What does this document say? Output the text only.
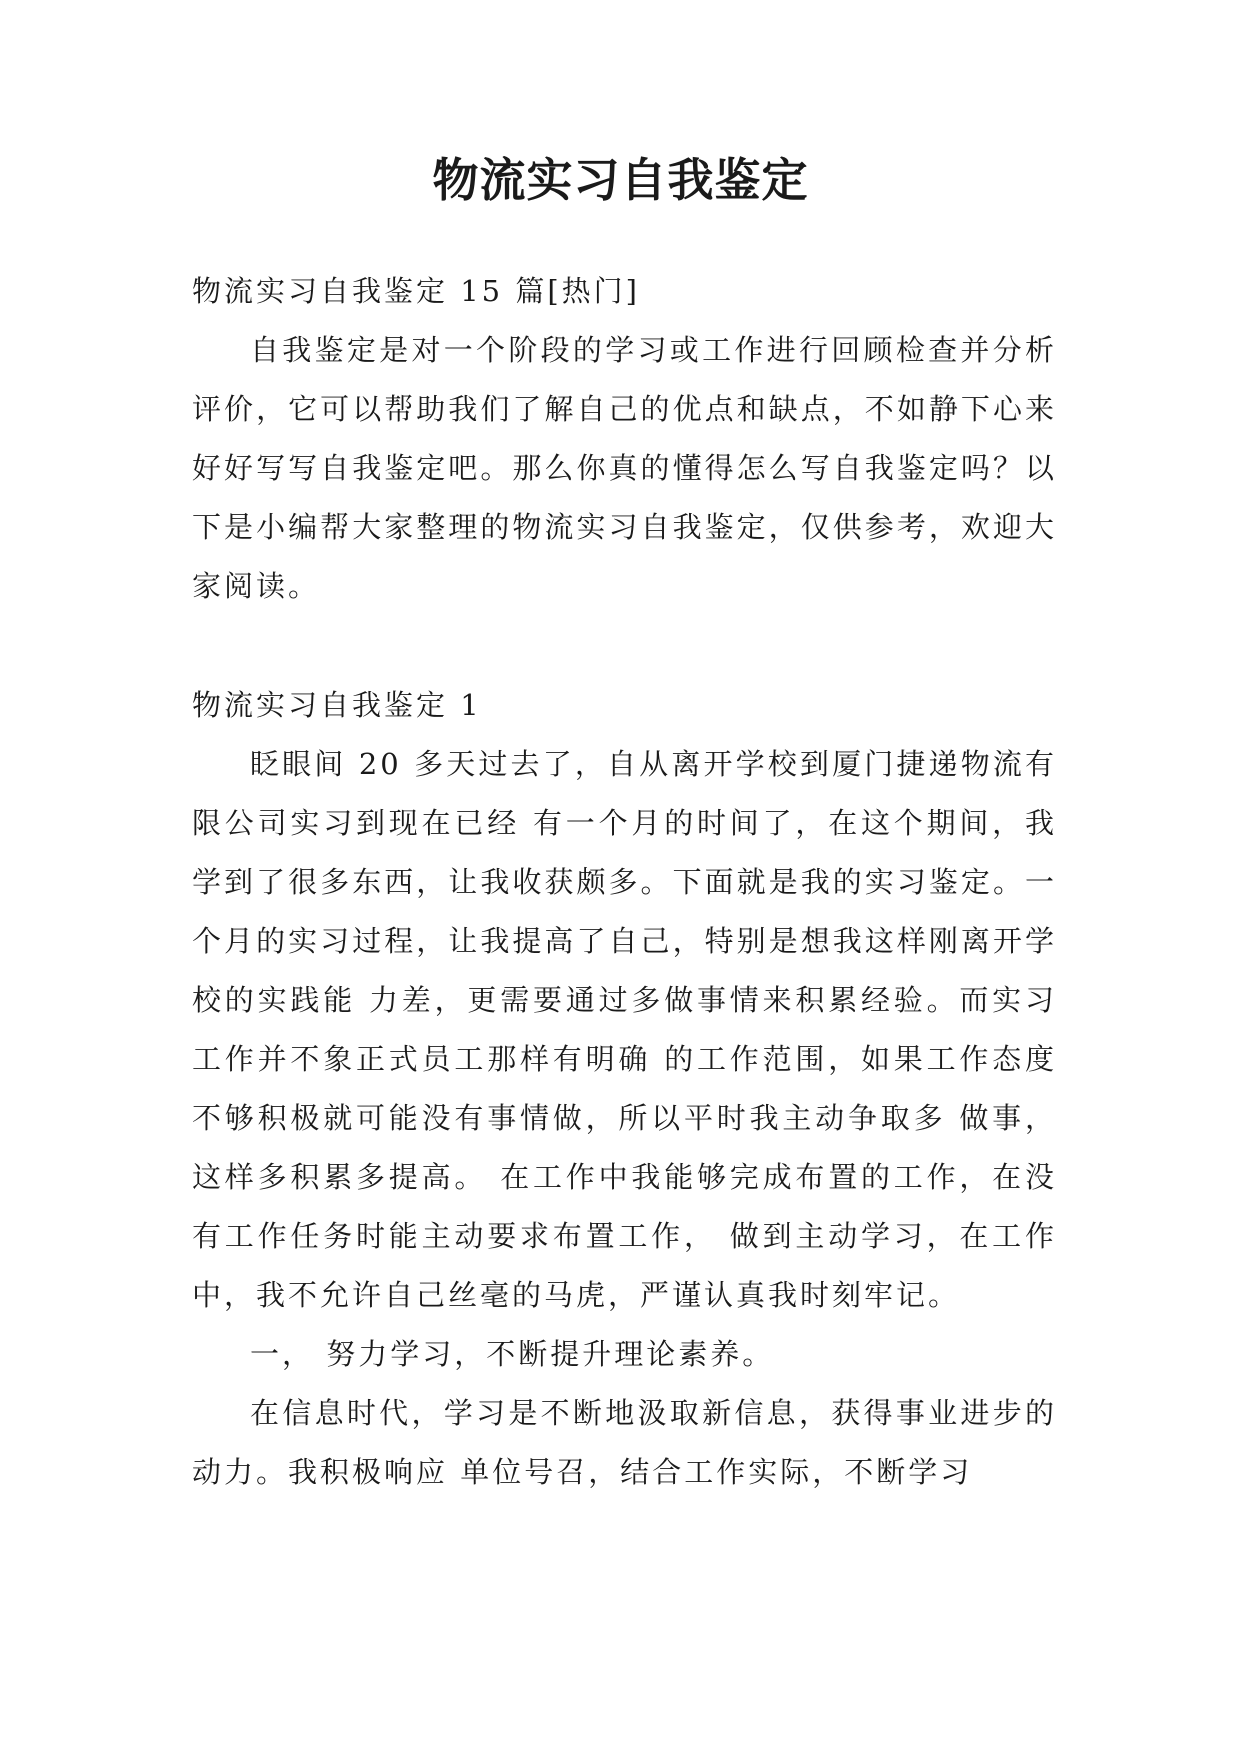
物流实习自我鉴定

物流实习自我鉴定 15 篇[热门]

自我鉴定是对一个阶段的学习或工作进行回顾检查并分析评价，它可以帮助我们了解自己的优点和缺点，不如静下心来好好写写自我鉴定吧。那么你真的懂得怎么写自我鉴定吗？以下是小编帮大家整理的物流实习自我鉴定，仅供参考，欢迎大家阅读。

物流实习自我鉴定 1

眨眼间 20 多天过去了，自从离开学校到厦门捷递物流有限公司实习到现在已经 有一个月的时间了，在这个期间，我学到了很多东西，让我收获颇多。下面就是我的实习鉴定。一个月的实习过程，让我提高了自己，特别是想我这样刚离开学校的实践能 力差，更需要通过多做事情来积累经验。而实习工作并不象正式员工那样有明确 的工作范围，如果工作态度不够积极就可能没有事情做，所以平时我主动争取多 做事，这样多积累多提高。 在工作中我能够完成布置的工作，在没有工作任务时能主动要求布置工作， 做到主动学习，在工作中，我不允许自己丝毫的马虎，严谨认真我时刻牢记。

一， 努力学习，不断提升理论素养。

在信息时代，学习是不断地汲取新信息，获得事业进步的动力。我积极响应 单位号召，结合工作实际，不断学习
